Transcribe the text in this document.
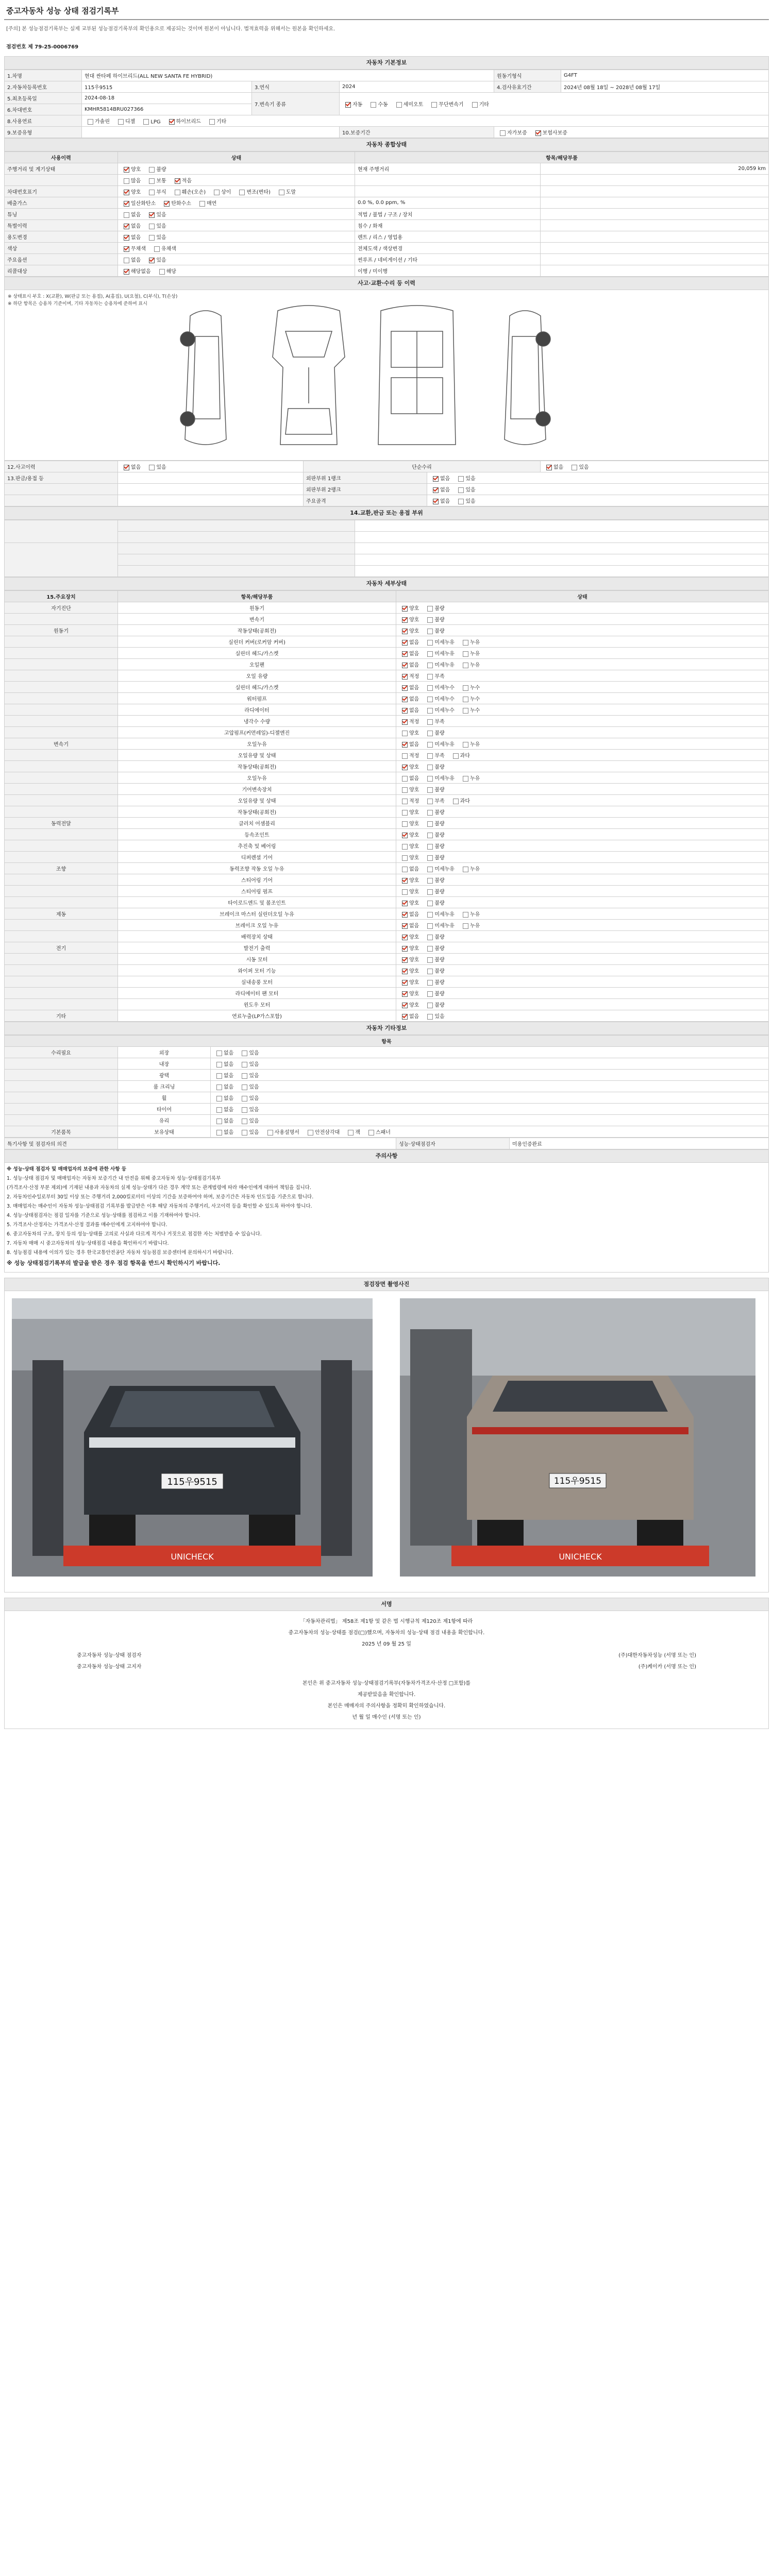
중고자동차 성능 상태 점검기록부
[주의] 본 성능점검기록부는 실제 교부된 성능점검기록부의 확인용으로 제공되는 것이며 원본이 아닙니다. 법적효력을 위해서는 원본을 확인하세요.
점검번호 제 79-25-0006769
자동차 기본정보
1.차명	현대 싼타페 하이브리드(ALL NEW SANTA FE HYBRID)			원동기형식	G4FT
2.자동차등록번호	115우9515	3.연식	2024	4.검사유효기간	2024년 08월 18일 ~ 2028년 08월 17일
5.최초등록일	2024-08-18	7.변속기 종류	자동 수동 세미오토 무단변속기 기타		
6.차대번호	KMHR5814BRU027366				
8.사용연료	가솔린 디젤 LPG 하이브리드 기타				
9.보증유형			10.보증기간	자가보증 보험사보증	
자동차 종합상태
사용이력	상태	항목/해당부품	
주행거리 및 계기상태	양호 불량	현재 주행거리	20,059 km
	많음 보통 적음		
차대번호표기	양호 부식 훼손(오손) 상이 변조(변타) 도말		
배출가스	일산화탄소 탄화수소 매연	0.0 %, 0.0 ppm, %	
튜닝	없음 있음	적법 / 불법 / 구조 / 장치	
특별이력	없음 있음	침수 / 화재	
용도변경	없음 있음	렌트 / 리스 / 영업용	
색상	무채색 유채색	전체도색 / 색상변경	
주요옵션	없음 있음	썬루프 / 네비게이션 / 기타	
리콜대상	해당없음 해당	이행 / 미이행	
사고·교환·수리 등 이력
※ 상태표시 부호 : X(교환), W(판금 또는 용접), A(흠집), U(요철), C(부식), T(손상)
※ 하단 항목은 승용차 기준이며, 기타 자동차는 승용차에 준하여 표시
12.사고이력	없음 있음	단순수리		없음 있음
13.판금/용접 등		외판부위 1랭크	없음 있음	
		외판부위 2랭크	없음 있음	
		주요골격	없음 있음	
14.교환,판금 또는 용접 부위

자동차 세부상태
15.주요장치	항목/해당부품	상태
자기진단	원동기	양호 불량
	변속기	양호 불량
원동기	작동상태(공회전)	양호 불량
	실린더 커버(로커암 커버)	없음 미세누유 누유
	실린더 헤드/가스켓	없음 미세누유 누유
	오일팬	없음 미세누유 누유
	오일 유량	적정 부족
	실린더 헤드/가스켓	없음 미세누수 누수
	워터펌프	없음 미세누수 누수
	라디에이터	없음 미세누수 누수
	냉각수 수량	적정 부족
	고압펌프(커먼레일)-디젤엔진	양호 불량
변속기	오일누유	없음 미세누유 누유
	오일유량 및 상태	적정 부족 과다
	작동상태(공회전)	양호 불량
	오일누유	없음 미세누유 누유
	기어변속장치	양호 불량
	오일유량 및 상태	적정 부족 과다
	작동상태(공회전)	양호 불량
동력전달	클러치 어셈블리	양호 불량
	등속조인트	양호 불량
	추진축 및 베어링	양호 불량
	디퍼렌셜 기어	양호 불량
조향	동력조향 작동 오일 누유	없음 미세누유 누유
	스티어링 기어	양호 불량
	스티어링 펌프	양호 불량
	타이로드엔드 및 볼조인트	양호 불량
제동	브레이크 마스터 실린더오일 누유	없음 미세누유 누유
	브레이크 오일 누유	없음 미세누유 누유
	배력장치 상태	양호 불량
전기	발전기 출력	양호 불량
	시동 모터	양호 불량
	와이퍼 모터 기능	양호 불량
	실내송풍 모터	양호 불량
	라디에이터 팬 모터	양호 불량
	윈도우 모터	양호 불량
기타	연료누출(LP가스포함)	없음 있음
자동차 기타정보
항목		
수리필요	외장	없음 있음
	내장	없음 있음
	광택	없음 있음
	룸 크리닝	없음 있음
	휠	없음 있음
	타이어	없음 있음
	유리	없음 있음
기본품목	보유상태	없음 있음 사용설명서 안전삼각대 잭 스패너
특기사항 및 점검자의 의견		성능·상태점검자	미용인증완료
주의사항

※ 성능·상태 점검자 및 매매업자의 보증에 관한 사항 등

1. 성능·상태 점검자 및 매매업자는 자동차 보증기간 내 안전을 위해 중고자동차 성능·상태점검기록부

(가격조사·산정 부분 제외)에 기재된 내용과 자동차의 실제 성능·상태가 다른 경우 계약 또는 관계법령에 따라 매수인에게 대하여 책임을 집니다.

2. 자동차인수일로부터 30일 이상 또는 주행거리 2,000킬로미터 이상의 기간을 보증하여야 하며, 보증기간은 자동차 인도일을 기준으로 합니다.

3. 매매업자는 매수인이 자동차 성능·상태점검 기록부를 발급받은 이후 해당 자동차의 주행거리, 사고이력 등을 확인할 수 있도록 하여야 합니다.

4. 성능·상태점검자는 점검 일자를 기준으로 성능·상태를 점검하고 이를 기재하여야 합니다.

5. 가격조사·산정자는 가격조사·산정 결과를 매수인에게 고지하여야 합니다.

6. 중고자동차의 구조, 장치 등의 성능·상태를 고의로 사실과 다르게 적거나 거짓으로 점검한 자는 처벌받을 수 있습니다.

7. 자동차 매매 시 중고자동차의 성능·상태점검 내용을 확인하시기 바랍니다.

8. 성능점검 내용에 이의가 있는 경우 한국교통안전공단 자동차 성능점검 보증센터에 문의하시기 바랍니다.

※ 성능 상태점검기록부의 발급을 받은 경우 점검 항목을 반드시 확인하시기 바랍니다.

점검장면 촬영사진
115우9515
UNICHECK

115우9515
UNICHECK
서명
「자동차관리법」 제58조 제1항 및 같은 법 시행규칙 제120조 제1항에 따라
중고자동차의 성능·상태를 점검(□)했으며, 자동차의 성능·상태 점검 내용을 확인합니다.
2025 년 09 월 25 일
중고자동차 성능·상태 점검자	(주)대한자동차성능 (서명 또는 인)
중고자동차 성능·상태 고지자	(주)케이카 (서명 또는 인)
본인은 위 중고자동차 성능·상태점검기록부(자동차가격조사·산정 □포함)를
제공받았음을 확인합니다.
본인은 매매자의 주의사항을 정확히 확인하였습니다.
년 월 일 매수인 (서명 또는 인)
